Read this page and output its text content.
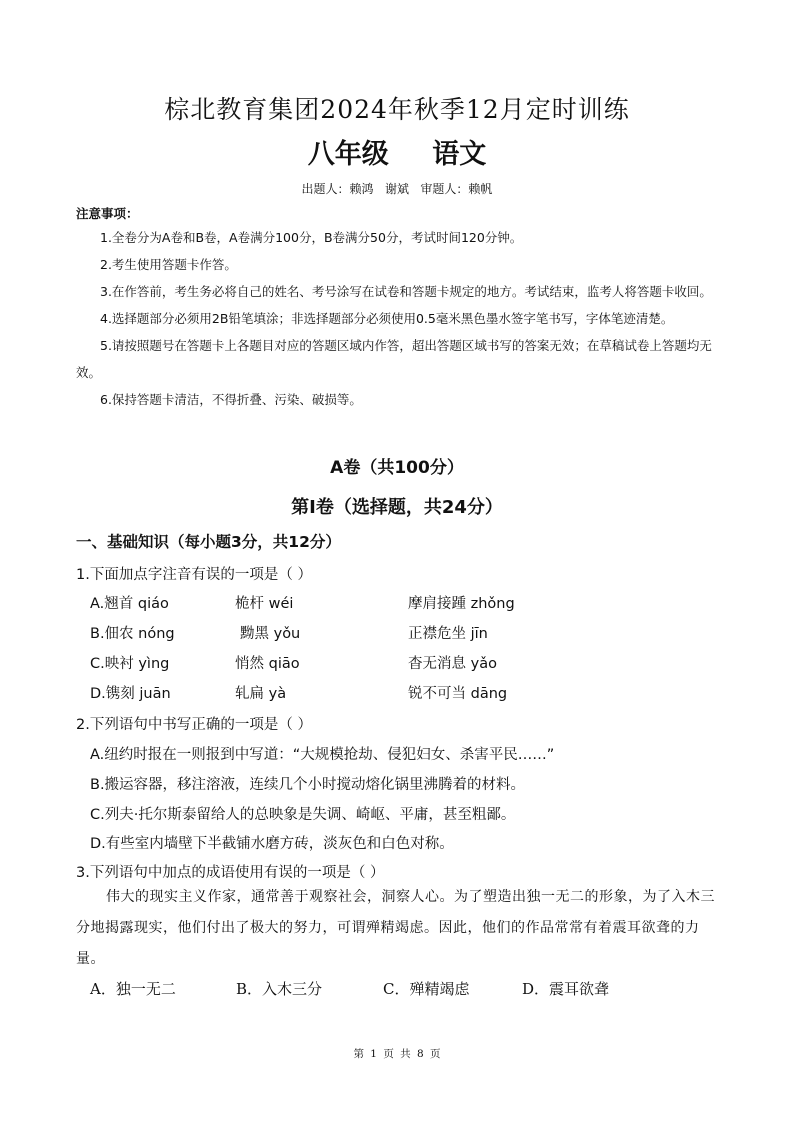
棕北教育集团2024年秋季12月定时训练
八年级 语文
出题人：赖鸿   谢斌   审题人：赖帆
注意事项：
1.全卷分为A卷和B卷，A卷满分100分，B卷满分50分，考试时间120分钟。
2.考生使用答题卡作答。
3.在作答前，考生务必将自己的姓名、考号涂写在试卷和答题卡规定的地方。考试结束，监考人将答题卡收回。
4.选择题部分必须用2B铅笔填涂；非选择题部分必须使用0.5毫米黑色墨水签字笔书写，字体笔迹清楚。
5.请按照题号在答题卡上各题目对应的答题区域内作答，超出答题区域书写的答案无效；在草稿试卷上答题均无效。
6.保持答题卡清洁，不得折叠、污染、破损等。
A卷（共100分）
第Ⅰ卷（选择题，共24分）
一、基础知识（每小题3分，共12分）
1.下面加点字注音有误的一项是（ ）
A.翘首 qiáo	桅杆 wéi	摩肩接踵 zhǒng
B.佃农 nóng	黝黑 yǒu	正襟危坐 jīn
C.映衬 yìng	悄然 qiāo	杳无消息 yǎo
D.镌刻 juān	轧扁 yà	锐不可当 dāng
2.下列语句中书写正确的一项是（ ）
A.纽约时报在一则报到中写道：“大规模抢劫、侵犯妇女、杀害平民……”
B.搬运容器，移注溶液，连续几个小时搅动熔化锅里沸腾着的材料。
C.列夫·托尔斯泰留给人的总映象是失调、崎岖、平庸，甚至粗鄙。
D.有些室内墙壁下半截铺水磨方砖，淡灰色和白色对称。
3.下列语句中加点的成语使用有误的一项是（ ）
伟大的现实主义作家，通常善于观察社会，洞察人心。为了塑造出独一无二的形象，为了入木三分地揭露现实，他们付出了极大的努力，可谓殚精竭虑。因此，他们的作品常常有着震耳欲聋的力量。
A．独一无二	B．入木三分	C．殚精竭虑	D．震耳欲聋
第 1 页 共 8 页
